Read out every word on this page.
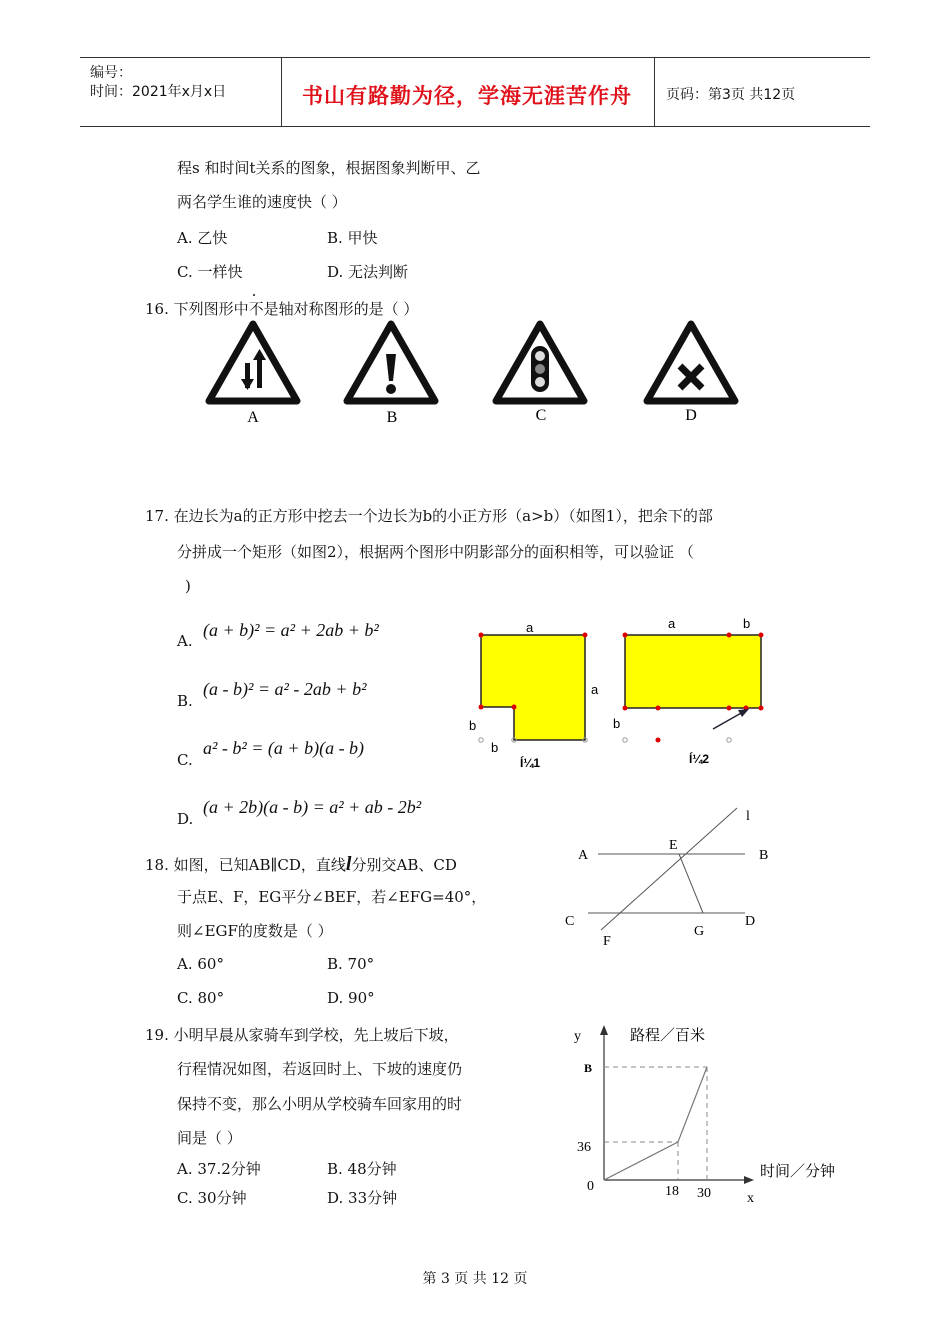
编号：
时间：2021年x月x日	书山有路勤为径，学海无涯苦作舟 页码：第3页 共12页
程s 和时间t关系的图象，根据图象判断甲、乙
两名学生谁的速度快（ ）
A. 乙快	B. 甲快
C. 一样快	D. 无法判断
16. 下列图形中不是轴对称图形的是（ ）
A	B	C	D
17. 在边长为a的正方形中挖去一个边长为b的小正方形（a>b）（如图1），把余下的部
分拼成一个矩形（如图2），根据两个图形中阴影部分的面积相等，可以验证 （
)
A.
(a + b)² = a² + 2ab + b²
B.
(a - b)² = a² - 2ab + b²
C.
a² - b² = (a + b)(a - b)
D.
(a + 2b)(a - b) = a² + ab - 2b²
a
a
b
b
Í¼1
a	b
b
Í¼2
18. 如图，已知AB∥CD，直线l分别交AB、CD
于点E、F，EG平分∠BEF，若∠EFG=40°，
则∠EGF的度数是（ ）
A. 60°	B. 70°
C. 80°	D. 90°
l
A	B
E
C	D
F
G
19. 小明早晨从家骑车到学校，先上坡后下坡，
行程情况如图，若返回时上、下坡的速度仍
保持不变，那么小明从学校骑车回家用的时
间是（ ）
A. 37.2分钟	B. 48分钟
C. 30分钟	D. 33分钟
y	路程／百米
B
36
0	18 30
时间／分钟
x
第 3 页 共 12 页
